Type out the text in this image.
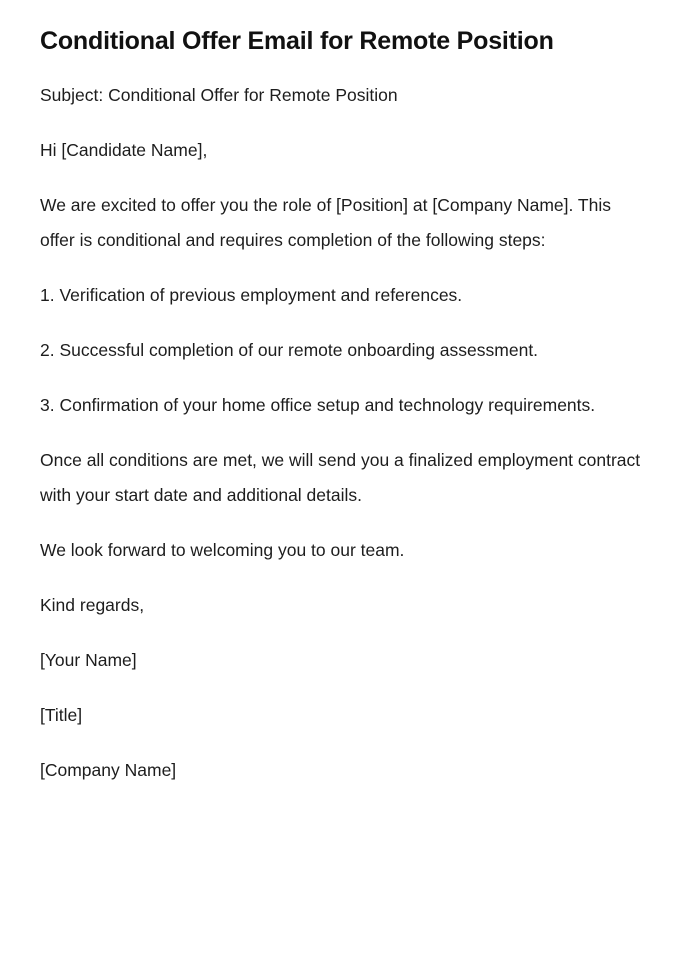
Conditional Offer Email for Remote Position

Subject: Conditional Offer for Remote Position

Hi [Candidate Name],

We are excited to offer you the role of [Position] at [Company Name]. This offer is conditional and requires completion of the following steps:

1. Verification of previous employment and references.

2. Successful completion of our remote onboarding assessment.

3. Confirmation of your home office setup and technology requirements.

Once all conditions are met, we will send you a finalized employment contract with your start date and additional details.

We look forward to welcoming you to our team.

Kind regards,

[Your Name]

[Title]

[Company Name]
